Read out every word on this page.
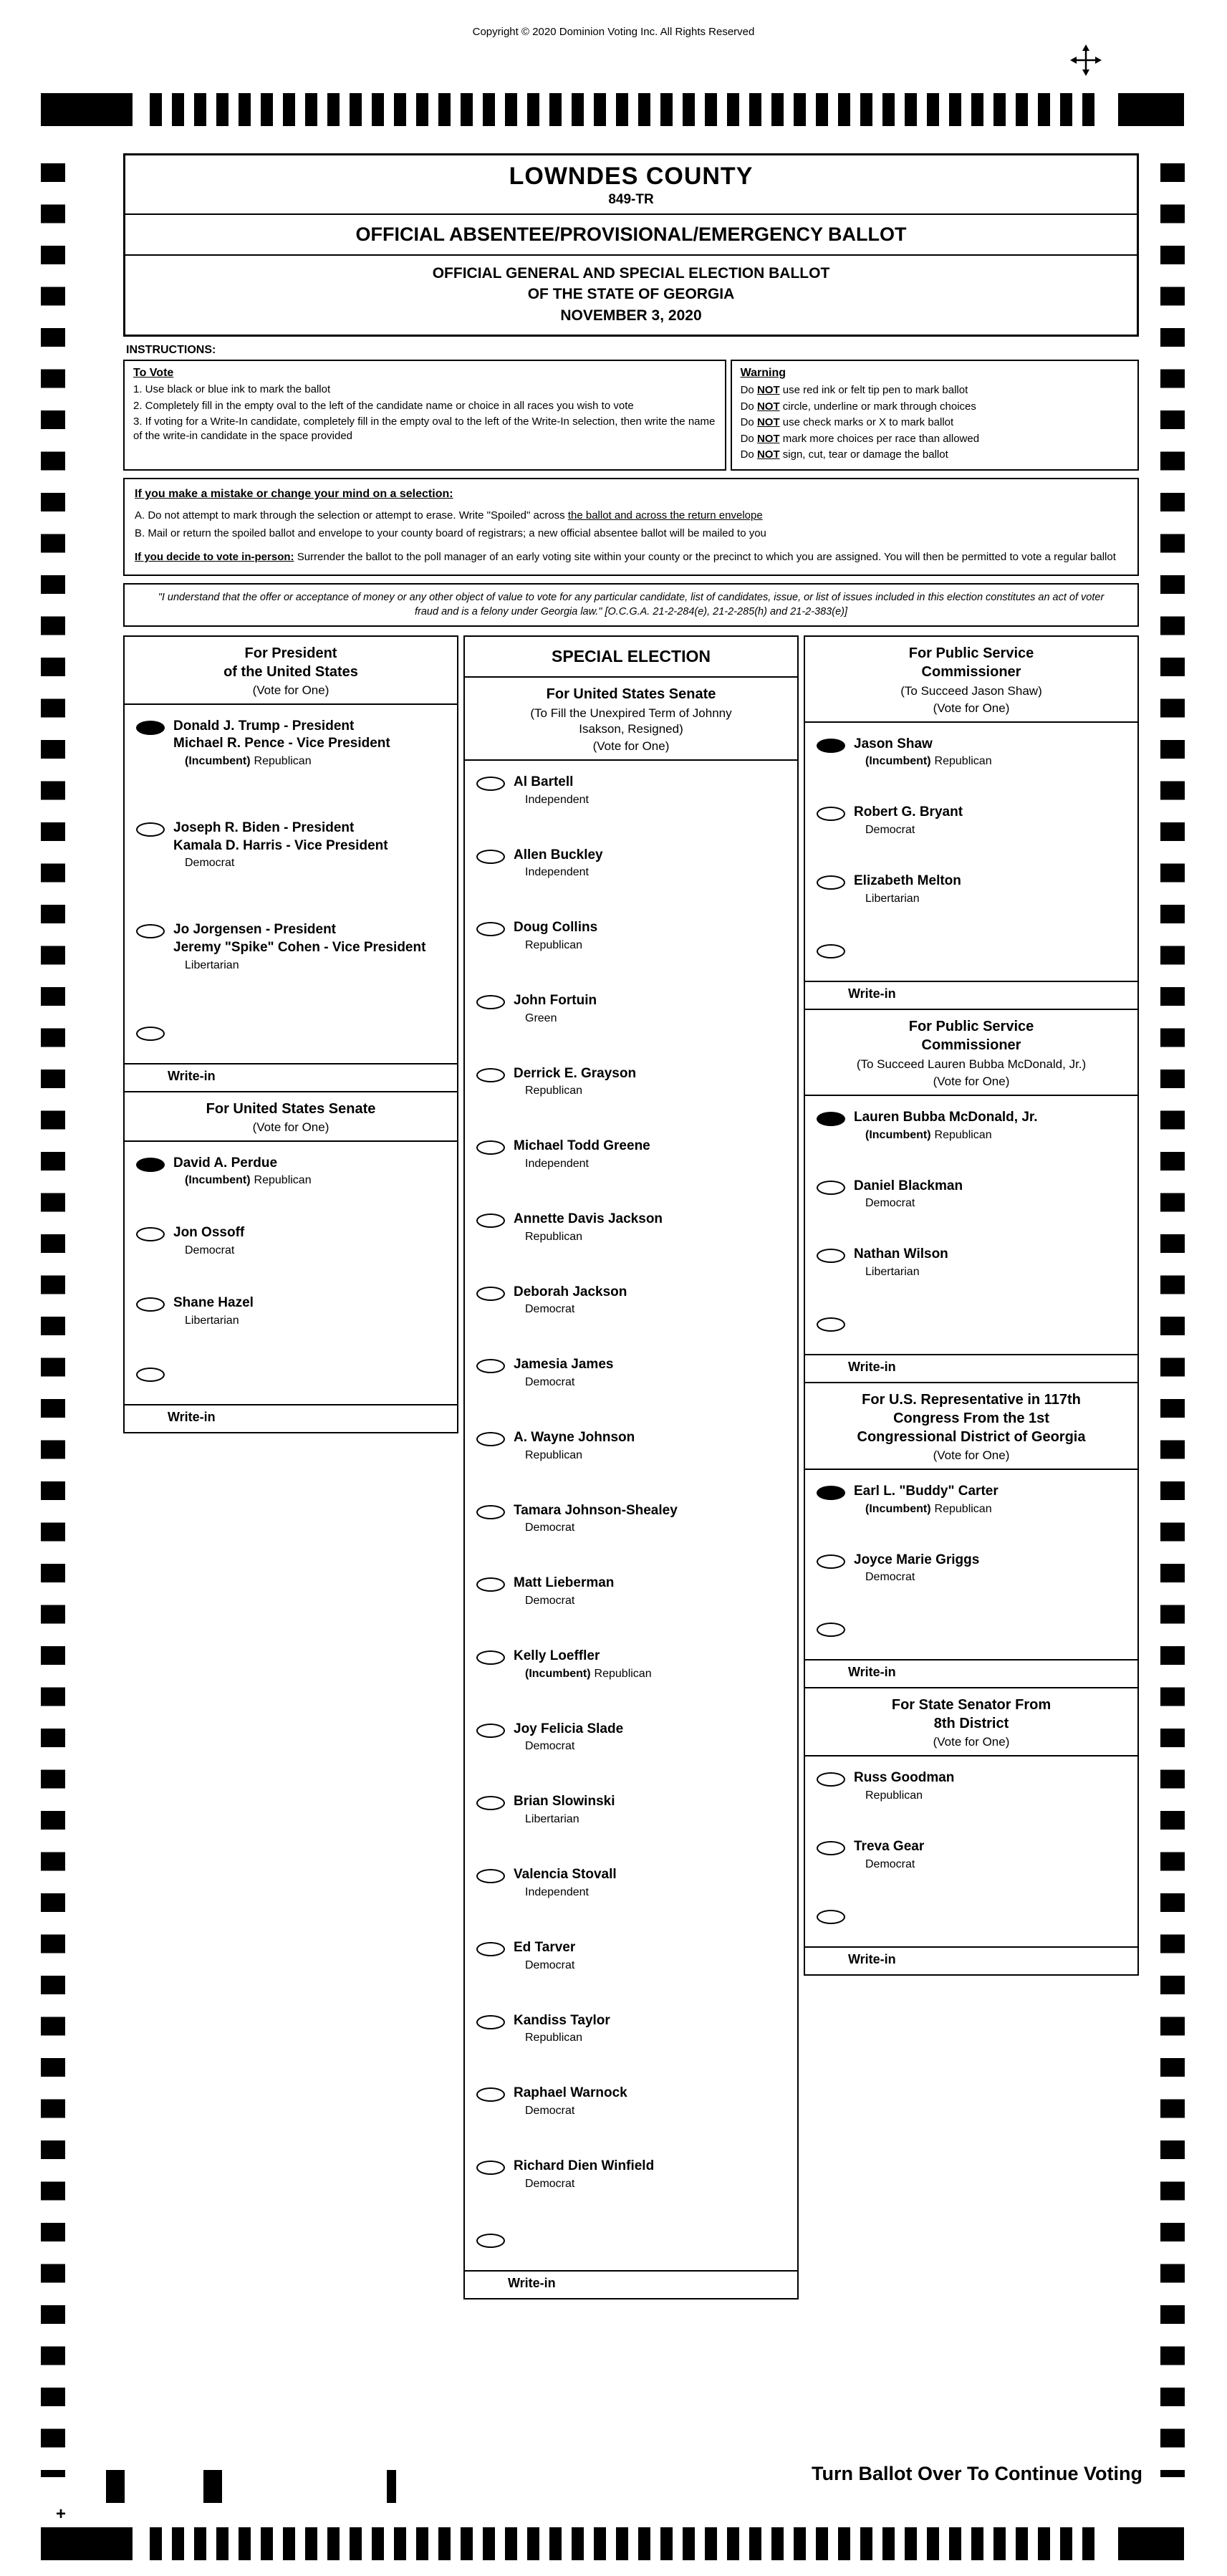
Copyright © 2020 Dominion Voting Inc. All Rights Reserved
LOWNDES COUNTY
849-TR
OFFICIAL ABSENTEE/PROVISIONAL/EMERGENCY BALLOT
OFFICIAL GENERAL AND SPECIAL ELECTION BALLOT
OF THE STATE OF GEORGIA
NOVEMBER 3, 2020
INSTRUCTIONS:
To Vote
1. Use black or blue ink to mark the ballot
2. Completely fill in the empty oval to the left of the candidate name or choice in all races you wish to vote
3. If voting for a Write-In candidate, completely fill in the empty oval to the left of the Write-In selection, then write the name of the write-in candidate in the space provided
Warning
Do NOT use red ink or felt tip pen to mark ballot
Do NOT circle, underline or mark through choices
Do NOT use check marks or X to mark ballot
Do NOT mark more choices per race than allowed
Do NOT sign, cut, tear or damage the ballot
If you make a mistake or change your mind on a selection:
A. Do not attempt to mark through the selection or attempt to erase. Write "Spoiled" across the ballot and across the return envelope
B. Mail or return the spoiled ballot and envelope to your county board of registrars; a new official absentee ballot will be mailed to you
If you decide to vote in-person: Surrender the ballot to the poll manager of an early voting site within your county or the precinct to which you are assigned. You will then be permitted to vote a regular ballot
"I understand that the offer or acceptance of money or any other object of value to vote for any particular candidate, list of candidates, issue, or list of issues included in this election constitutes an act of voter fraud and is a felony under Georgia law." [O.C.G.A. 21-2-284(e), 21-2-285(h) and 21-2-383(e)]
For President
of the United States
(Vote for One)
Donald J. Trump - President
Michael R. Pence - Vice President
(Incumbent) Republican
Joseph R. Biden - President
Kamala D. Harris - Vice President
Democrat
Jo Jorgensen - President
Jeremy "Spike" Cohen - Vice President
Libertarian
Write-in
For United States Senate
(Vote for One)
David A. Perdue
(Incumbent) Republican
Jon Ossoff
Democrat
Shane Hazel
Libertarian
Write-in
SPECIAL ELECTION
For United States Senate
(To Fill the Unexpired Term of Johnny
Isakson, Resigned)
(Vote for One)
Al Bartell
Independent
Allen Buckley
Independent
Doug Collins
Republican
John Fortuin
Green
Derrick E. Grayson
Republican
Michael Todd Greene
Independent
Annette Davis Jackson
Republican
Deborah Jackson
Democrat
Jamesia James
Democrat
A. Wayne Johnson
Republican
Tamara Johnson-Shealey
Democrat
Matt Lieberman
Democrat
Kelly Loeffler
(Incumbent) Republican
Joy Felicia Slade
Democrat
Brian Slowinski
Libertarian
Valencia Stovall
Independent
Ed Tarver
Democrat
Kandiss Taylor
Republican
Raphael Warnock
Democrat
Richard Dien Winfield
Democrat
Write-in
For Public Service
Commissioner
(To Succeed Jason Shaw)
(Vote for One)
Jason Shaw
(Incumbent) Republican
Robert G. Bryant
Democrat
Elizabeth Melton
Libertarian
Write-in
For Public Service
Commissioner
(To Succeed Lauren Bubba McDonald, Jr.)
(Vote for One)
Lauren Bubba McDonald, Jr.
(Incumbent) Republican
Daniel Blackman
Democrat
Nathan Wilson
Libertarian
Write-in
For U.S. Representative in 117th
Congress From the 1st
Congressional District of Georgia
(Vote for One)
Earl L. "Buddy" Carter
(Incumbent) Republican
Joyce Marie Griggs
Democrat
Write-in
For State Senator From
8th District
(Vote for One)
Russ Goodman
Republican
Treva Gear
Democrat
Write-in
Turn Ballot Over To Continue Voting
+
